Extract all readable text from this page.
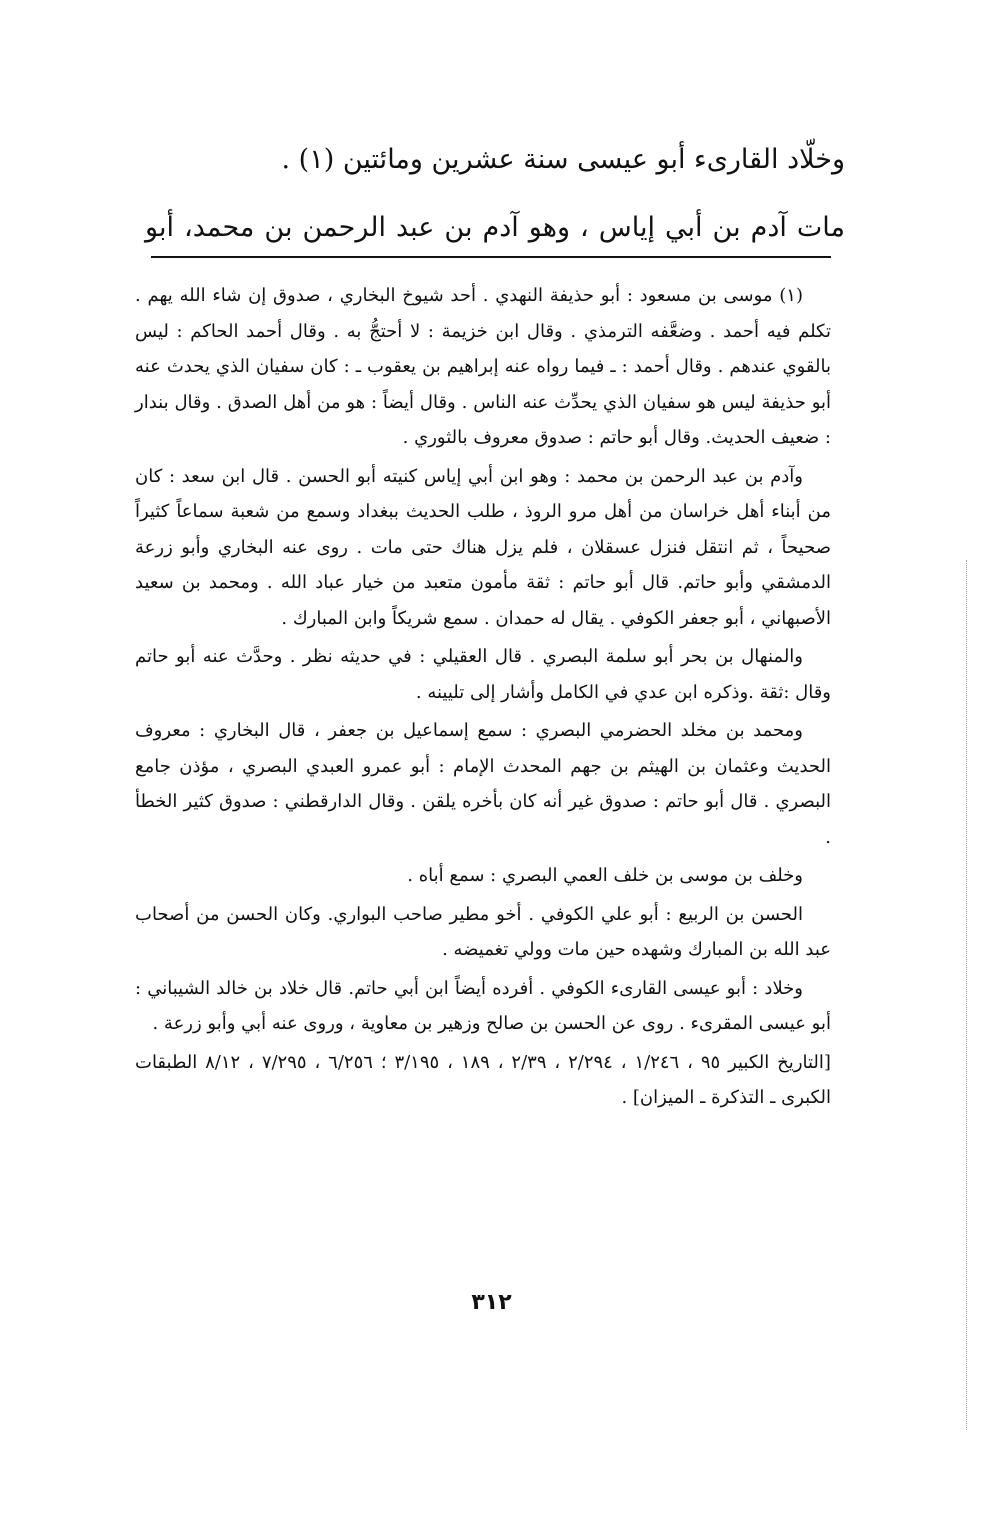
وخلّاد القارىء أبو عيسى سنة عشرين ومائتين (١) .
مات آدم بن أبي إياس ، وهو آدم بن عبد الرحمن بن محمد، أبو

(١) موسى بن مسعود : أبو حذيفة النهدي . أحد شيوخ البخاري ، صدوق إن شاء الله يهم . تكلم فيه أحمد . وضعَّفه الترمذي . وقال ابن خزيمة : لا أحتجُّ به . وقال أحمد الحاكم : ليس بالقوي عندهم . وقال أحمد : ـ فيما رواه عنه إبراهيم بن يعقوب ـ : كان سفيان الذي يحدث عنه أبو حذيفة ليس هو سفيان الذي يحدِّث عنه الناس . وقال أيضاً : هو من أهل الصدق . وقال بندار : ضعيف الحديث. وقال أبو حاتم : صدوق معروف بالثوري .

وآدم بن عبد الرحمن بن محمد : وهو ابن أبي إياس كنيته أبو الحسن . قال ابن سعد : كان من أبناء أهل خراسان من أهل مرو الروذ ، طلب الحديث ببغداد وسمع من شعبة سماعاً كثيراً صحيحاً ، ثم انتقل فنزل عسقلان ، فلم يزل هناك حتى مات . روى عنه البخاري وأبو زرعة الدمشقي وأبو حاتم. قال أبو حاتم : ثقة مأمون متعبد من خيار عباد الله . ومحمد بن سعيد الأصبهاني ، أبو جعفر الكوفي . يقال له حمدان . سمع شريكاً وابن المبارك .

والمنهال بن بحر أبو سلمة البصري . قال العقيلي : في حديثه نظر . وحدَّث عنه أبو حاتم وقال :ثقة .وذكره ابن عدي في الكامل وأشار إلى تليينه .

ومحمد بن مخلد الحضرمي البصري : سمع إسماعيل بن جعفر ، قال البخاري : معروف الحديث وعثمان بن الهيثم بن جهم المحدث الإمام : أبو عمرو العبدي البصري ، مؤذن جامع البصري . قال أبو حاتم : صدوق غير أنه كان بأخره يلقن . وقال الدارقطني : صدوق كثير الخطأ .

وخلف بن موسى بن خلف العمي البصري : سمع أباه .

الحسن بن الربيع : أبو علي الكوفي . أخو مطير صاحب البواري. وكان الحسن من أصحاب عبد الله بن المبارك وشهده حين مات وولي تغميضه .

وخلاد : أبو عيسى القارىء الكوفي . أفرده أيضاً ابن أبي حاتم. قال خلاد بن خالد الشيباني : أبو عيسى المقرىء . روى عن الحسن بن صالح وزهير بن معاوية ، وروى عنه أبي وأبو زرعة .

[التاريخ الكبير ٩٥ ، ١/٢٤٦ ، ٢/٢٩٤ ، ٢/٣٩ ، ١٨٩ ، ٣/١٩٥ ؛ ٦/٢٥٦ ، ٧/٢٩٥ ، ٨/١٢ الطبقات الكبرى ـ التذكرة ـ الميزان] .

٣١٢
